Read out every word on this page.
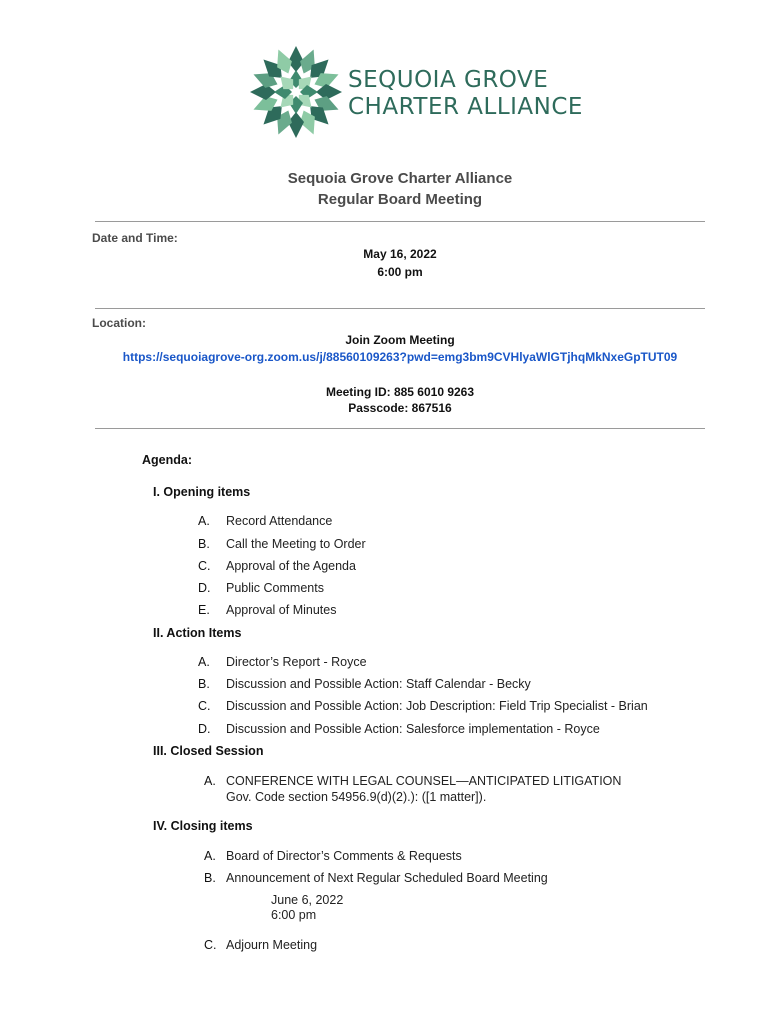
SEQUOIA GROVE
CHARTER ALLIANCE
Sequoia Grove Charter Alliance
Regular Board Meeting
Date and Time:
May 16, 2022
6:00 pm
Location:
Join Zoom Meeting
https://sequoiagrove-org.zoom.us/j/88560109263?pwd=emg3bm9CVHlyaWlGTjhqMkNxeGpTUT09
Meeting ID: 885 6010 9263
Passcode: 867516
Agenda:
I. Opening items
A. Record Attendance
B. Call the Meeting to Order
C. Approval of the Agenda
D. Public Comments
E. Approval of Minutes
II. Action Items
A. Director’s Report - Royce
B. Discussion and Possible Action: Staff Calendar - Becky
C. Discussion and Possible Action: Job Description: Field Trip Specialist - Brian
D. Discussion and Possible Action: Salesforce implementation - Royce
III. Closed Session
A. CONFERENCE WITH LEGAL COUNSEL—ANTICIPATED LITIGATION
Gov. Code section 54956.9(d)(2).): ([1 matter]).
IV. Closing items
A. Board of Director’s Comments & Requests
B. Announcement of Next Regular Scheduled Board Meeting
June 6, 2022
6:00 pm
C. Adjourn Meeting
